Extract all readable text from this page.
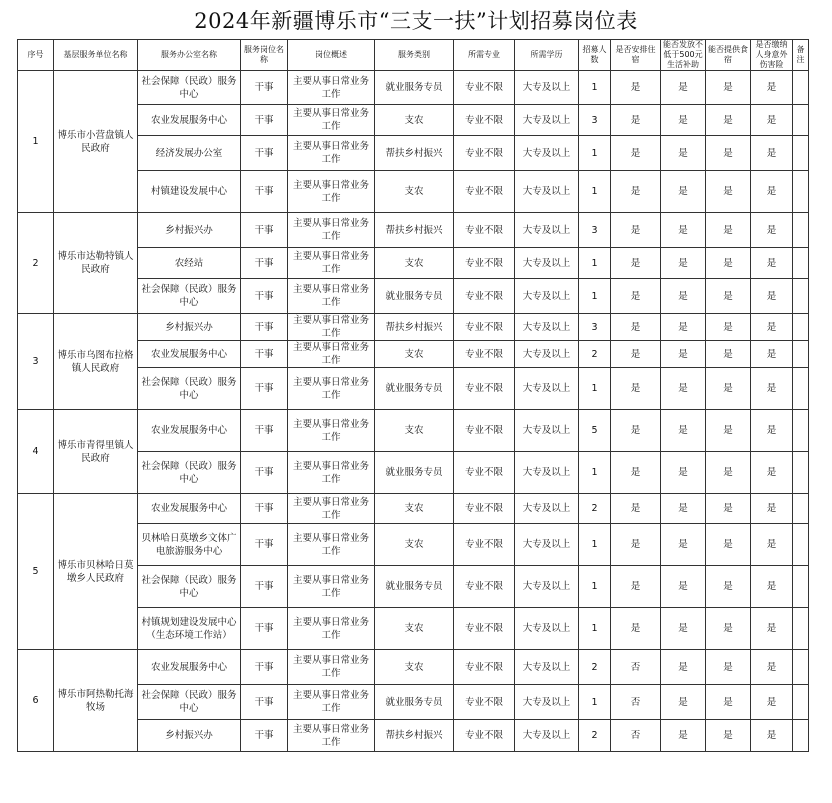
2024年新疆博乐市“三支一扶”计划招募岗位表
序号	基层服务单位名称	服务办公室名称	服务岗位名称	岗位概述	服务类别	所需专业	所需学历	招募人数	是否安排住宿	能否发放不低于500元生活补助	能否提供食宿	是否缴纳人身意外伤害险	备注
1	博乐市小营盘镇人民政府	社会保障（民政）服务中心	干事	主要从事日常业务工作	就业服务专员	专业不限	大专及以上	1	是	是	是	是	
		农业发展服务中心	干事	主要从事日常业务工作	支农	专业不限	大专及以上	3	是	是	是	是	
		经济发展办公室	干事	主要从事日常业务工作	帮扶乡村振兴	专业不限	大专及以上	1	是	是	是	是	
		村镇建设发展中心	干事	主要从事日常业务工作	支农	专业不限	大专及以上	1	是	是	是	是	
2	博乐市达勒特镇人民政府	乡村振兴办	干事	主要从事日常业务工作	帮扶乡村振兴	专业不限	大专及以上	3	是	是	是	是	
		农经站	干事	主要从事日常业务工作	支农	专业不限	大专及以上	1	是	是	是	是	
		社会保障（民政）服务中心	干事	主要从事日常业务工作	就业服务专员	专业不限	大专及以上	1	是	是	是	是	
3	博乐市乌图布拉格镇人民政府	乡村振兴办	干事	主要从事日常业务工作	帮扶乡村振兴	专业不限	大专及以上	3	是	是	是	是	
		农业发展服务中心	干事	主要从事日常业务工作	支农	专业不限	大专及以上	2	是	是	是	是	
		社会保障（民政）服务中心	干事	主要从事日常业务工作	就业服务专员	专业不限	大专及以上	1	是	是	是	是	
4	博乐市青得里镇人民政府	农业发展服务中心	干事	主要从事日常业务工作	支农	专业不限	大专及以上	5	是	是	是	是	
		社会保障（民政）服务中心	干事	主要从事日常业务工作	就业服务专员	专业不限	大专及以上	1	是	是	是	是	
5	博乐市贝林哈日莫墩乡人民政府	农业发展服务中心	干事	主要从事日常业务工作	支农	专业不限	大专及以上	2	是	是	是	是	
		贝林哈日莫墩乡文体广电旅游服务中心	干事	主要从事日常业务工作	支农	专业不限	大专及以上	1	是	是	是	是	
		社会保障（民政）服务中心	干事	主要从事日常业务工作	就业服务专员	专业不限	大专及以上	1	是	是	是	是	
		村镇规划建设发展中心（生态环境工作站）	干事	主要从事日常业务工作	支农	专业不限	大专及以上	1	是	是	是	是	
6	博乐市阿热勒托海牧场	农业发展服务中心	干事	主要从事日常业务工作	支农	专业不限	大专及以上	2	否	是	是	是	
		社会保障（民政）服务中心	干事	主要从事日常业务工作	就业服务专员	专业不限	大专及以上	1	否	是	是	是	
		乡村振兴办	干事	主要从事日常业务工作	帮扶乡村振兴	专业不限	大专及以上	2	否	是	是	是	
